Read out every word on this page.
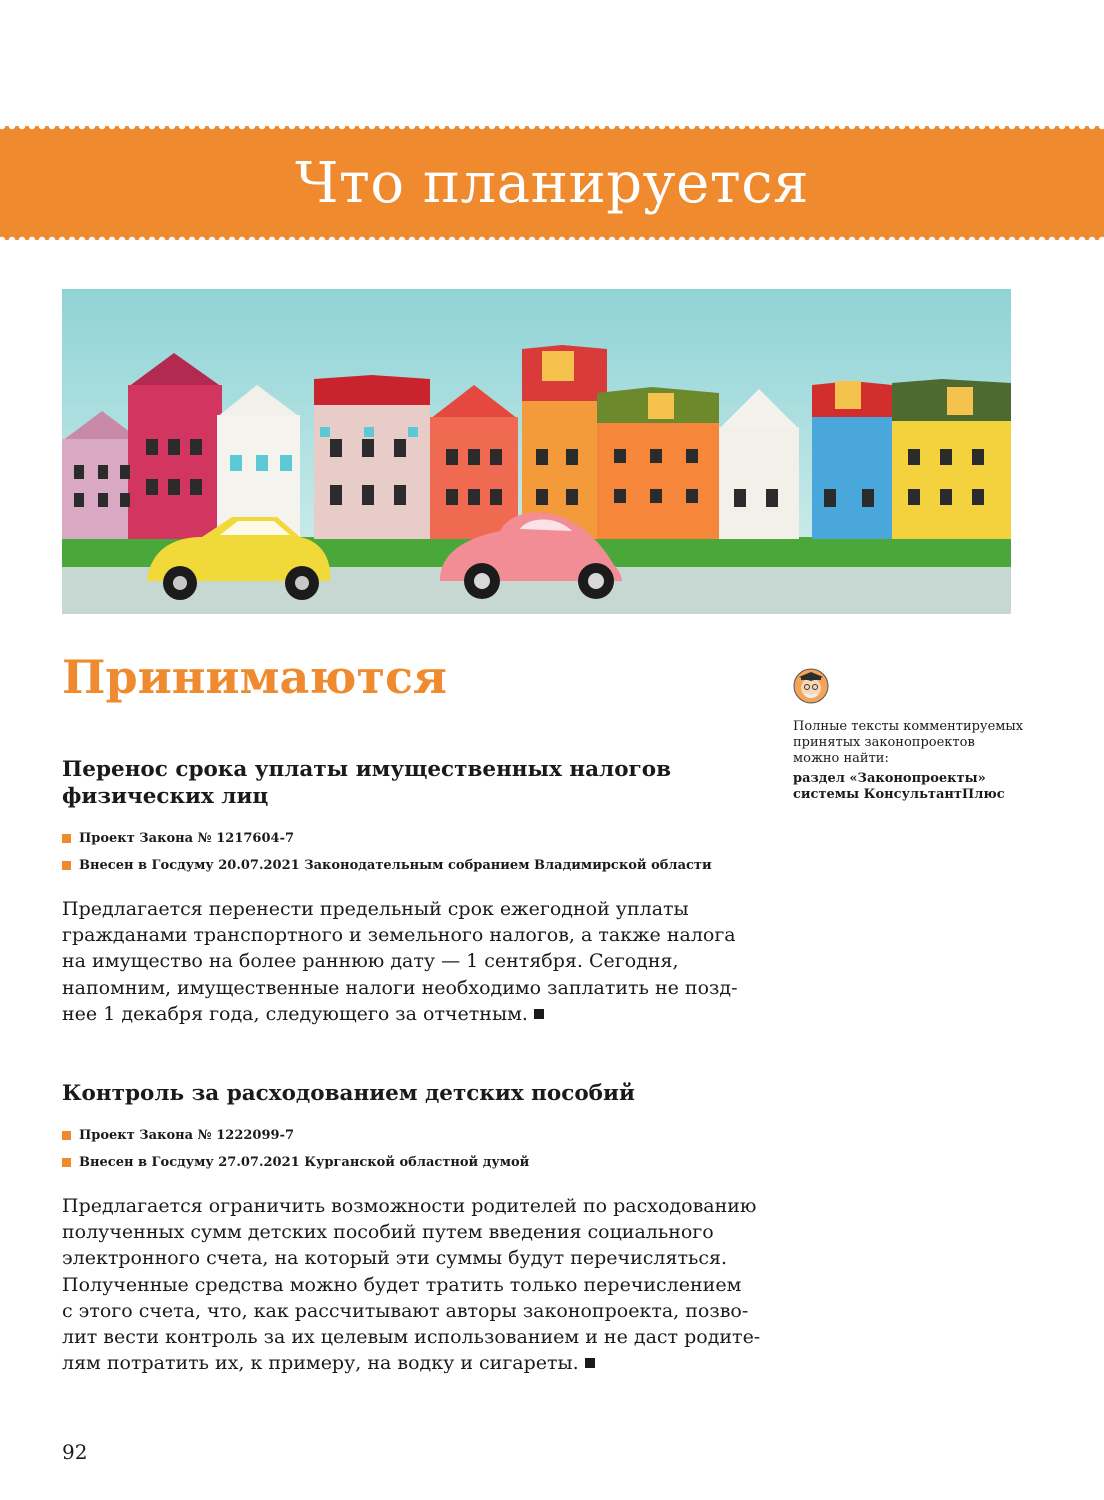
Что планируется
Принимаются
Перенос срока уплаты имущественных налогов
физических лиц

Проект Закона № 1217604-7

Внесен в Госдуму 20.07.2021 Законодательным собранием Владимирской области

Предлагается перенести предельный срок ежегодной уплаты
гражданами транспортного и земельного налогов, а также налога
на имущество на более раннюю дату — 1 сентября. Сегодня,
напомним, имущественные налоги необходимо заплатить не позд-
нее 1 декабря года, следующего за отчетным.

Контроль за расходованием детских пособий

Проект Закона № 1222099-7

Внесен в Госдуму 27.07.2021 Курганской областной думой

Предлагается ограничить возможности родителей по расходованию
полученных сумм детских пособий путем введения социального
электронного счета, на который эти суммы будут перечисляться.
Полученные средства можно будет тратить только перечислением
с этого счета, что, как рассчитывают авторы законопроекта, позво-
лит вести контроль за их целевым использованием и не даст родите-
лям потратить их, к примеру, на водку и сигареты.

Полные тексты комментируемых
принятых законопроектов
можно найти:

раздел «Законопроекты»
системы КонсультантПлюс

92
